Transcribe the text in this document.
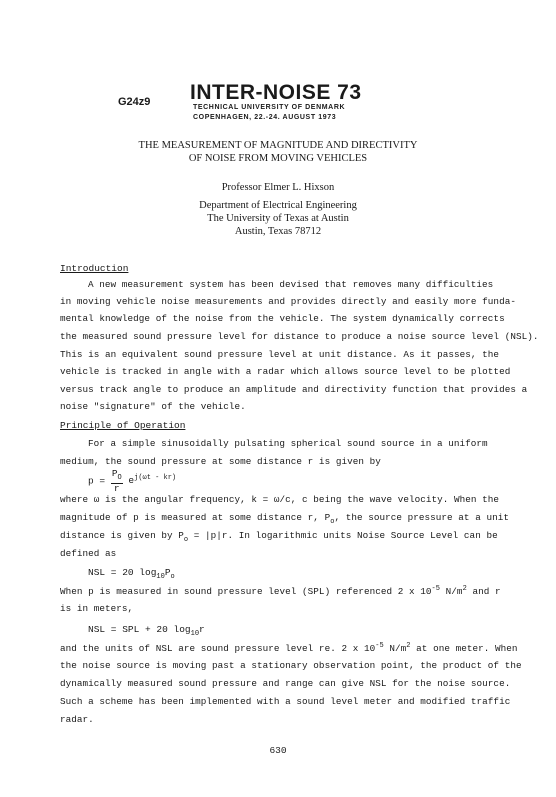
G24z9 INTER-NOISE 73
TECHNICAL UNIVERSITY OF DENMARK
COPENHAGEN, 22.-24. AUGUST 1973
THE MEASUREMENT OF MAGNITUDE AND DIRECTIVITY
OF NOISE FROM MOVING VEHICLES
Professor Elmer L. Hixson
Department of Electrical Engineering
The University of Texas at Austin
Austin, Texas 78712
Introduction
A new measurement system has been devised that removes many difficulties
in moving vehicle noise measurements and provides directly and easily more funda-
mental knowledge of the noise from the vehicle. The system dynamically corrects
the measured sound pressure level for distance to produce a noise source level (NSL).
This is an equivalent sound pressure level at unit distance. As it passes, the
vehicle is tracked in angle with a radar which allows source level to be plotted
versus track angle to produce an amplitude and directivity function that provides a
noise "signature" of the vehicle.
Principle of Operation
For a simple sinusoidally pulsating spherical sound source in a uniform
medium, the sound pressure at some distance r is given by
$p = \frac{P_O}{r} e^{j(\omega t - kr)}$
where ω is the angular frequency, k = ω/c, c being the wave velocity. When the
magnitude of p is measured at some distance r, $P_o$, the source pressure at a unit
distance is given by $P_o = |p|r$. In logarithmic units Noise Source Level can be
defined as
NSL = 20 $\log_{10}P_o$
When p is measured in sound pressure level (SPL) referenced 2 x $10^{-5}$ $N/m^2$ and r
is in meters,
NSL = SPL + 20 $\log_{10}r$
and the units of NSL are sound pressure level re. 2 x $10^{-5}$ $N/m^2$ at one meter. When
the noise source is moving past a stationary observation point, the product of the
dynamically measured sound pressure and range can give NSL for the noise source.
Such a scheme has been implemented with a sound level meter and modified traffic
radar.
630
